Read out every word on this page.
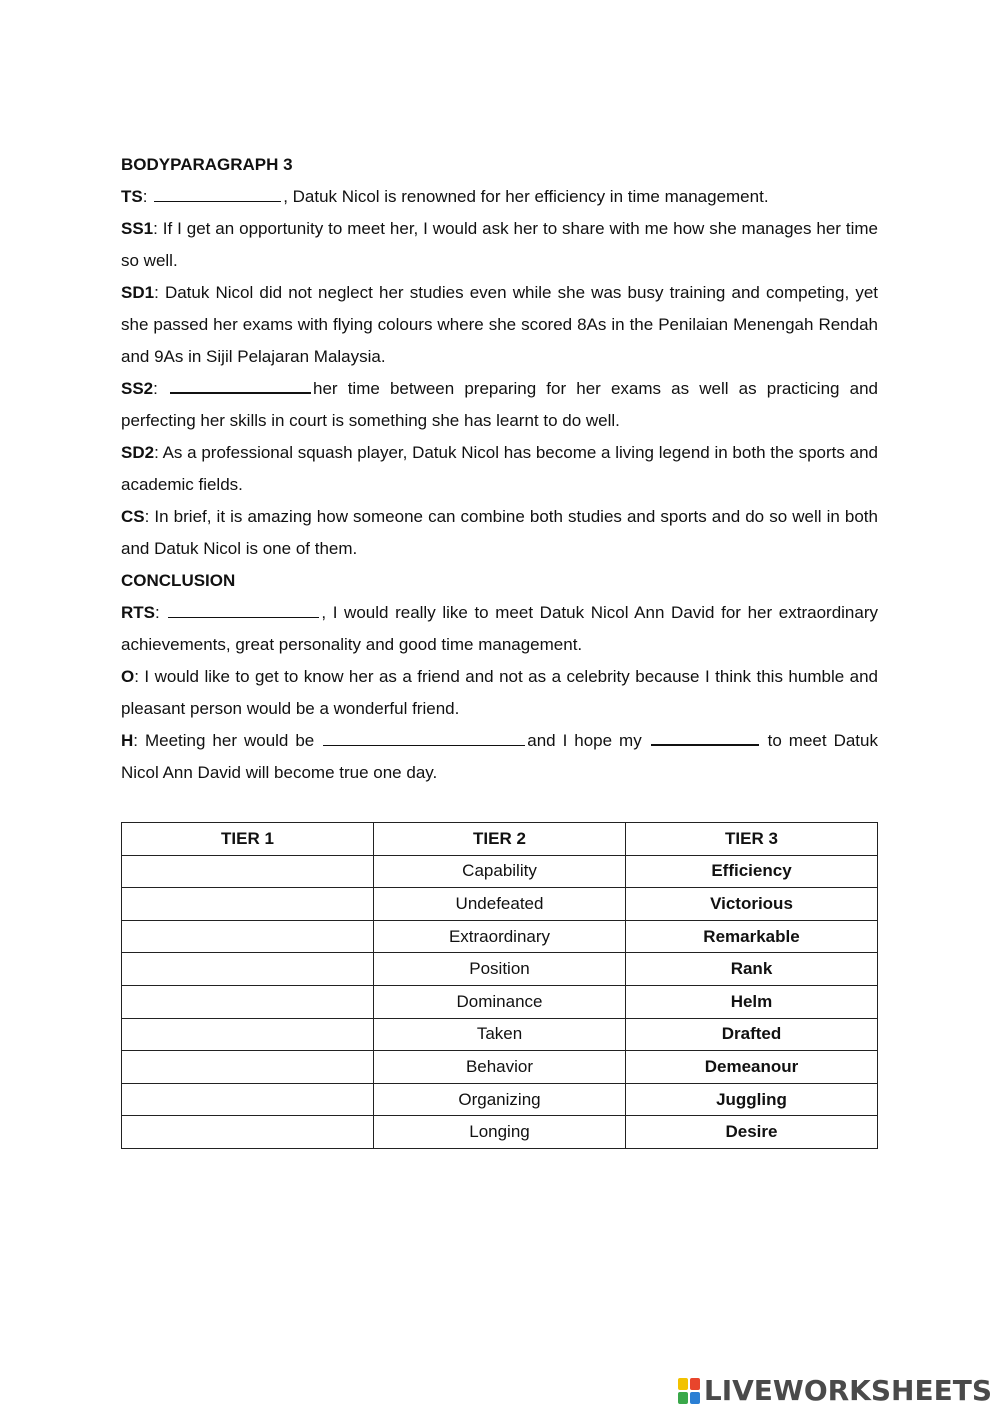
BODYPARAGRAPH 3

TS:	, Datuk Nicol is renowned for her efficiency in time management.

SS1: If I get an opportunity to meet her, I would ask her to share with me how she manages her time so well.

SD1: Datuk Nicol did not neglect her studies even while she was busy training and competing, yet she passed her exams with flying colours where she scored 8As in the Penilaian Menengah Rendah and 9As in Sijil Pelajaran Malaysia.

SS2:	her time between preparing for her exams as well as practicing and perfecting her skills in court is something she has learnt to do well.

SD2: As a professional squash player, Datuk Nicol has become a living legend in both the sports and academic fields.

CS: In brief, it is amazing how someone can combine both studies and sports and do so well in both and Datuk Nicol is one of them.

CONCLUSION

RTS:	, I would really like to meet Datuk Nicol Ann David for her extraordinary achievements, great personality and good time management.

O: I would like to get to know her as a friend and not as a celebrity because I think this humble and pleasant person would be a wonderful friend.

H: Meeting her would be	and I hope my	to meet Datuk Nicol Ann David will become true one day.

TIER 1	TIER 2	TIER 3
	Capability	Efficiency
	Undefeated	Victorious
	Extraordinary	Remarkable
	Position	Rank
	Dominance	Helm
	Taken	Drafted
	Behavior	Demeanour
	Organizing	Juggling
	Longing	Desire
LIVEWORKSHEETS
